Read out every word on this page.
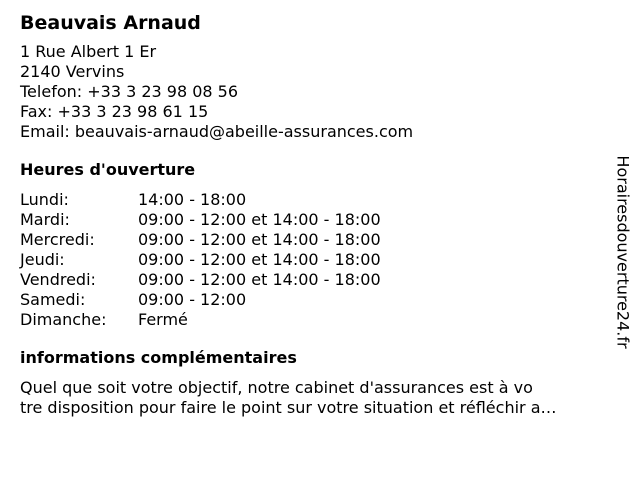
Beauvais Arnaud
1 Rue Albert 1 Er
2140 Vervins
Telefon: +33 3 23 98 08 56
Fax: +33 3 23 98 61 15
Email: beauvais-arnaud@abeille-assurances.com
Heures d'ouverture
Lundi:	14:00 - 18:00
Mardi:	09:00 - 12:00 et 14:00 - 18:00
Mercredi:	09:00 - 12:00 et 14:00 - 18:00
Jeudi:	09:00 - 12:00 et 14:00 - 18:00
Vendredi:	09:00 - 12:00 et 14:00 - 18:00
Samedi:	09:00 - 12:00
Dimanche:	Fermé
informations complémentaires
Quel que soit votre objectif, notre cabinet d'assurances est à vo
tre disposition pour faire le point sur votre situation et réfléchir a…
Horairesdouverture24.fr
